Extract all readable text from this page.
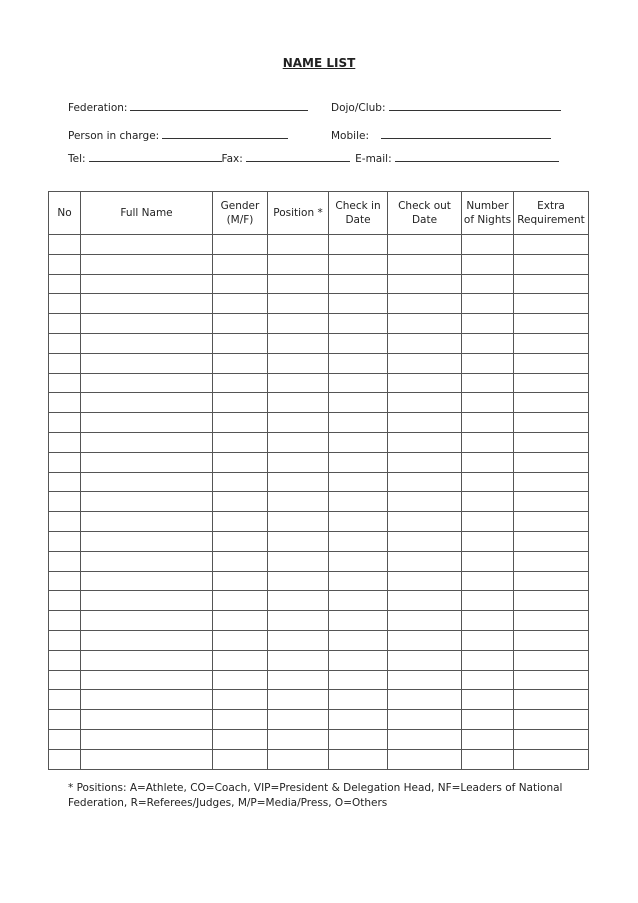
NAME LIST
Federation:	Dojo/Club:
Person in charge:	Mobile:
Tel:	Fax:	E-mail:
No	Full Name	Gender (M/F)	Position *	Check in Date	Check out Date	Number of Nights	Extra Requirement

* Positions: A=Athlete, CO=Coach, VIP=President & Delegation Head, NF=Leaders of National Federation, R=Referees/Judges, M/P=Media/Press, O=Others
